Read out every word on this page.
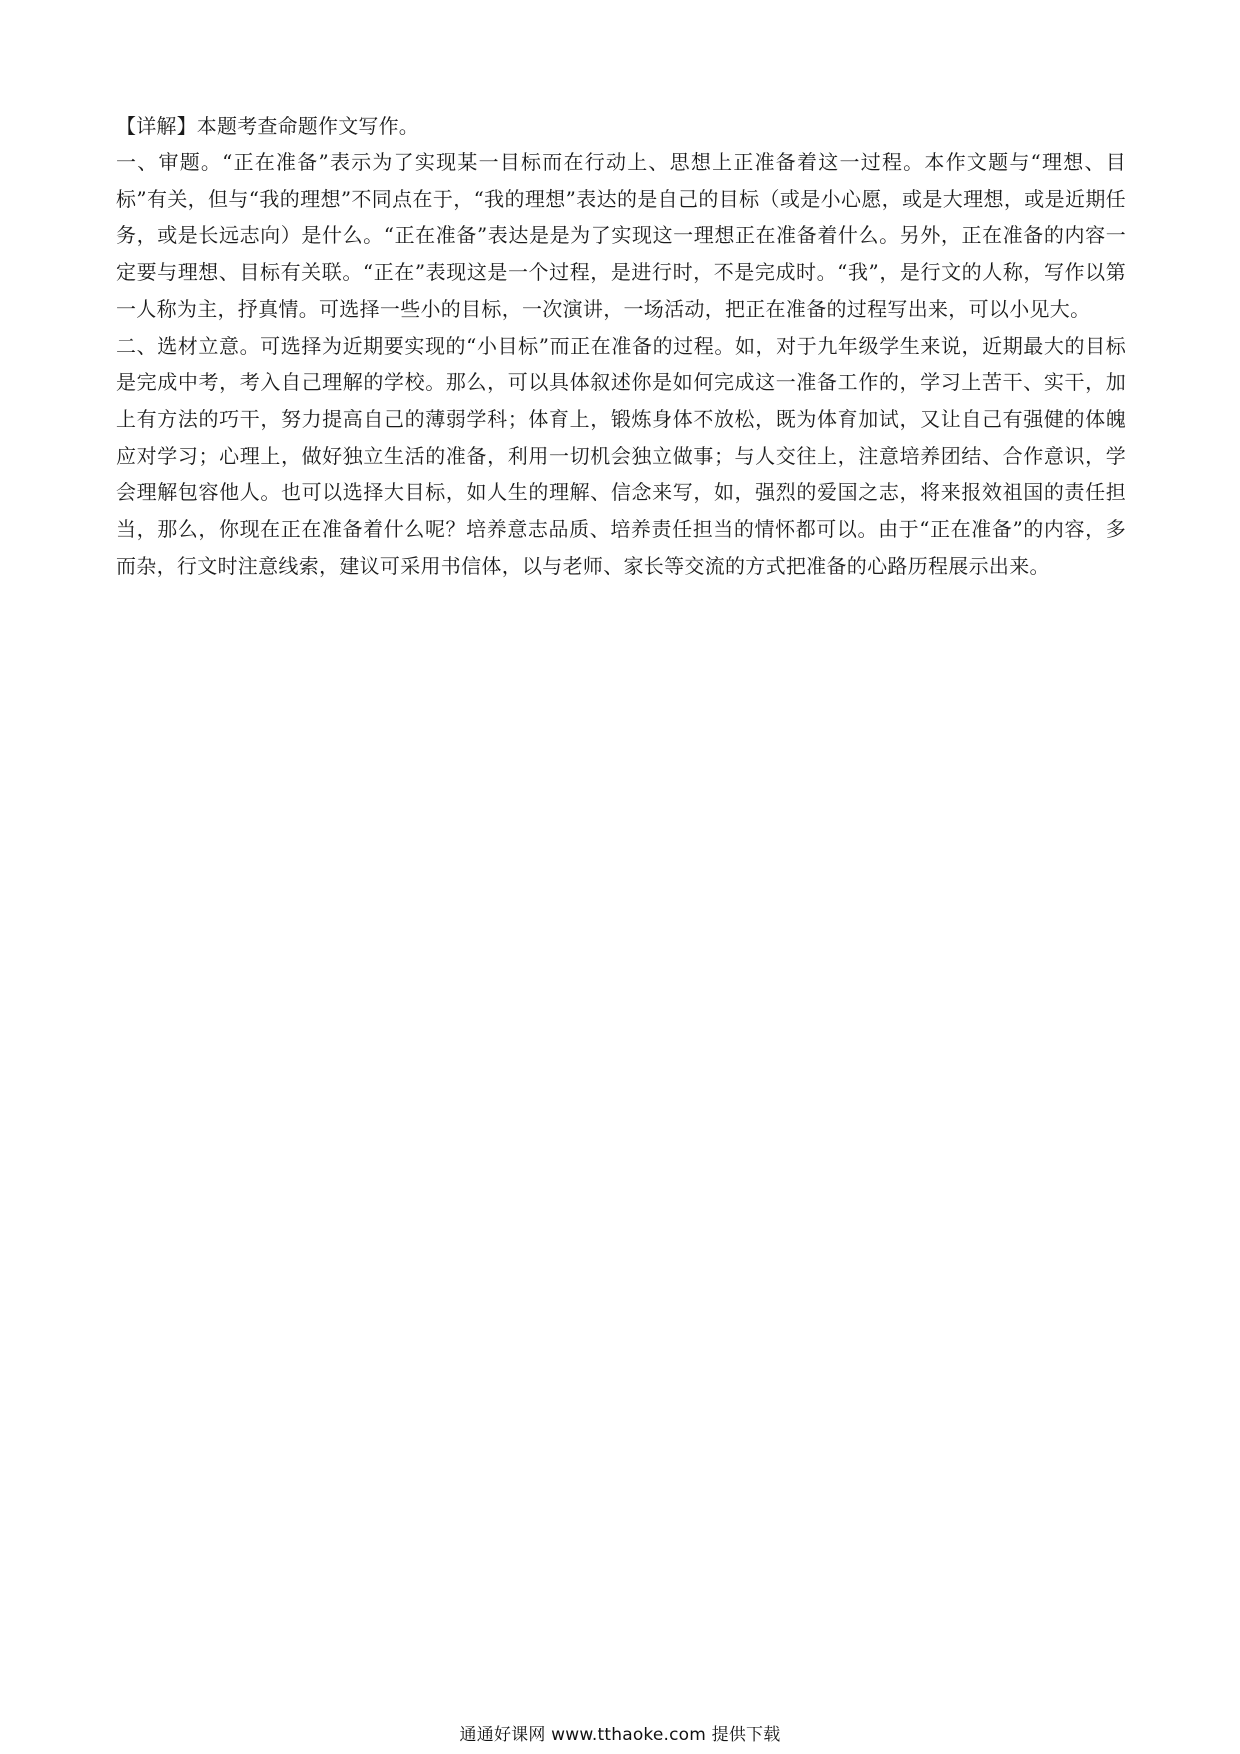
【详解】本题考查命题作文写作。

一、审题。“正在准备”表示为了实现某一目标而在行动上、思想上正准备着这一过程。本作文题与“理想、目标”有关，但与“我的理想”不同点在于，“我的理想”表达的是自己的目标（或是小心愿，或是大理想，或是近期任务，或是长远志向）是什么。“正在准备”表达是是为了实现这一理想正在准备着什么。另外，正在准备的内容一定要与理想、目标有关联。“正在”表现这是一个过程，是进行时，不是完成时。“我”，是行文的人称，写作以第一人称为主，抒真情。可选择一些小的目标，一次演讲，一场活动，把正在准备的过程写出来，可以小见大。

二、选材立意。可选择为近期要实现的“小目标”而正在准备的过程。如，对于九年级学生来说，近期最大的目标是完成中考，考入自己理解的学校。那么，可以具体叙述你是如何完成这一准备工作的，学习上苦干、实干，加上有方法的巧干，努力提高自己的薄弱学科；体育上，锻炼身体不放松，既为体育加试，又让自己有强健的体魄应对学习；心理上，做好独立生活的准备，利用一切机会独立做事；与人交往上，注意培养团结、合作意识，学会理解包容他人。也可以选择大目标，如人生的理解、信念来写，如，强烈的爱国之志，将来报效祖国的责任担当，那么，你现在正在准备着什么呢？培养意志品质、培养责任担当的情怀都可以。由于“正在准备”的内容，多而杂，行文时注意线索，建议可采用书信体，以与老师、家长等交流的方式把准备的心路历程展示出来。

通通好课网 www.tthaoke.com 提供下载
